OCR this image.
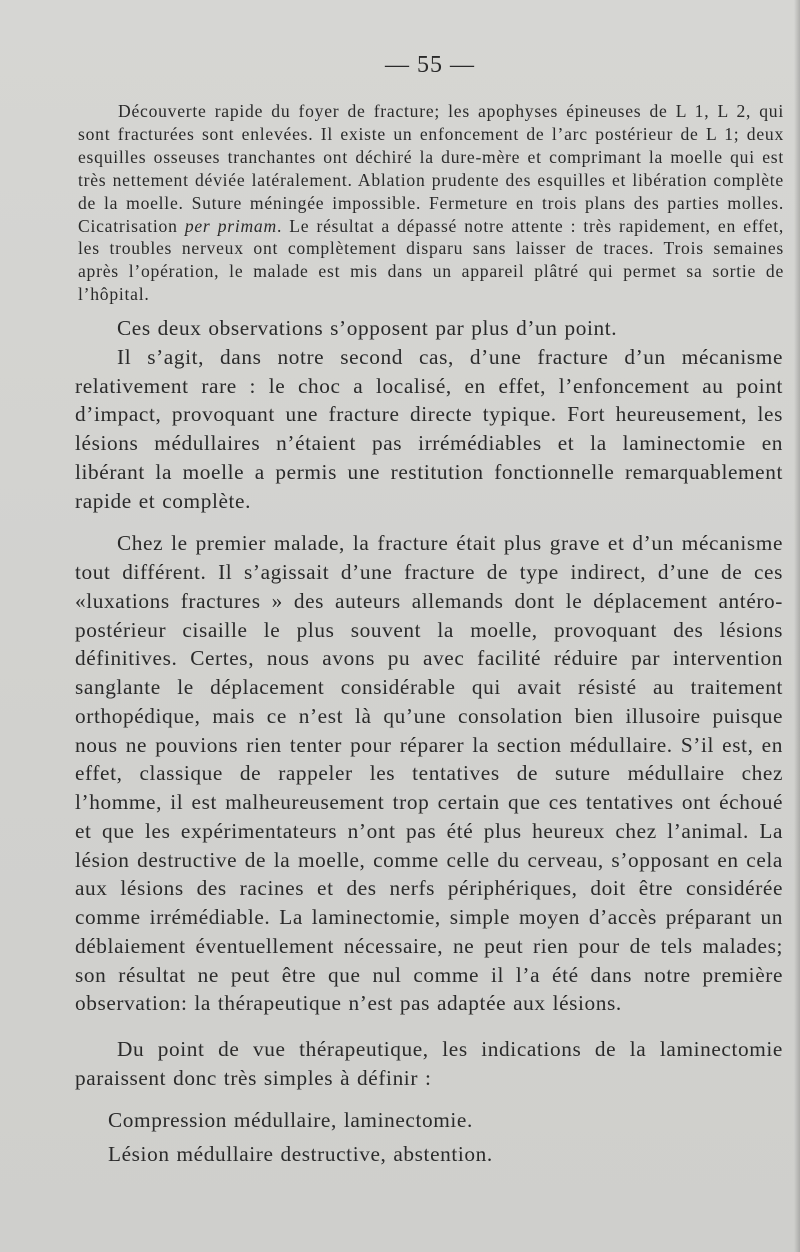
— 55 —

Découverte rapide du foyer de fracture; les apophyses épineuses de L 1, L 2, qui sont fracturées sont enlevées. Il existe un enfoncement de l’arc postérieur de L 1; deux esquilles osseuses tranchantes ont déchiré la dure-mère et comprimant la moelle qui est très nettement déviée latéralement. Ablation prudente des esquilles et libération complète de la moelle. Suture méningée impossible. Fermeture en trois plans des parties molles. Cicatrisation per primam. Le résultat a dépassé notre attente : très rapidement, en effet, les troubles nerveux ont complètement disparu sans laisser de traces. Trois semaines après l’opération, le malade est mis dans un appareil plâtré qui permet sa sortie de l’hôpital.

Ces deux observations s’opposent par plus d’un point.

Il s’agit, dans notre second cas, d’une fracture d’un mécanisme relativement rare : le choc a localisé, en effet, l’enfoncement au point d’impact, provoquant une fracture directe typique. Fort heureusement, les lésions médullaires n’étaient pas irrémédiables et la laminectomie en libérant la moelle a permis une restitution fonctionnelle remarquablement rapide et complète.

Chez le premier malade, la fracture était plus grave et d’un mécanisme tout différent. Il s’agissait d’une fracture de type indirect, d’une de ces «luxations fractures » des auteurs allemands dont le déplacement antéro-postérieur cisaille le plus souvent la moelle, provoquant des lésions définitives. Certes, nous avons pu avec facilité réduire par intervention sanglante le déplacement considérable qui avait résisté au traitement orthopédique, mais ce n’est là qu’une consolation bien illusoire puisque nous ne pouvions rien tenter pour réparer la section médullaire. S’il est, en effet, classique de rappeler les tentatives de suture médullaire chez l’homme, il est malheureusement trop certain que ces tentatives ont échoué et que les expérimentateurs n’ont pas été plus heureux chez l’animal. La lésion destructive de la moelle, comme celle du cerveau, s’opposant en cela aux lésions des racines et des nerfs périphériques, doit être considérée comme irrémédiable. La laminectomie, simple moyen d’accès préparant un déblaiement éventuellement nécessaire, ne peut rien pour de tels malades; son résultat ne peut être que nul comme il l’a été dans notre première observation: la thérapeutique n’est pas adaptée aux lésions.

Du point de vue thérapeutique, les indications de la laminectomie paraissent donc très simples à définir :

Compression médullaire, laminectomie.

Lésion médullaire destructive, abstention.
